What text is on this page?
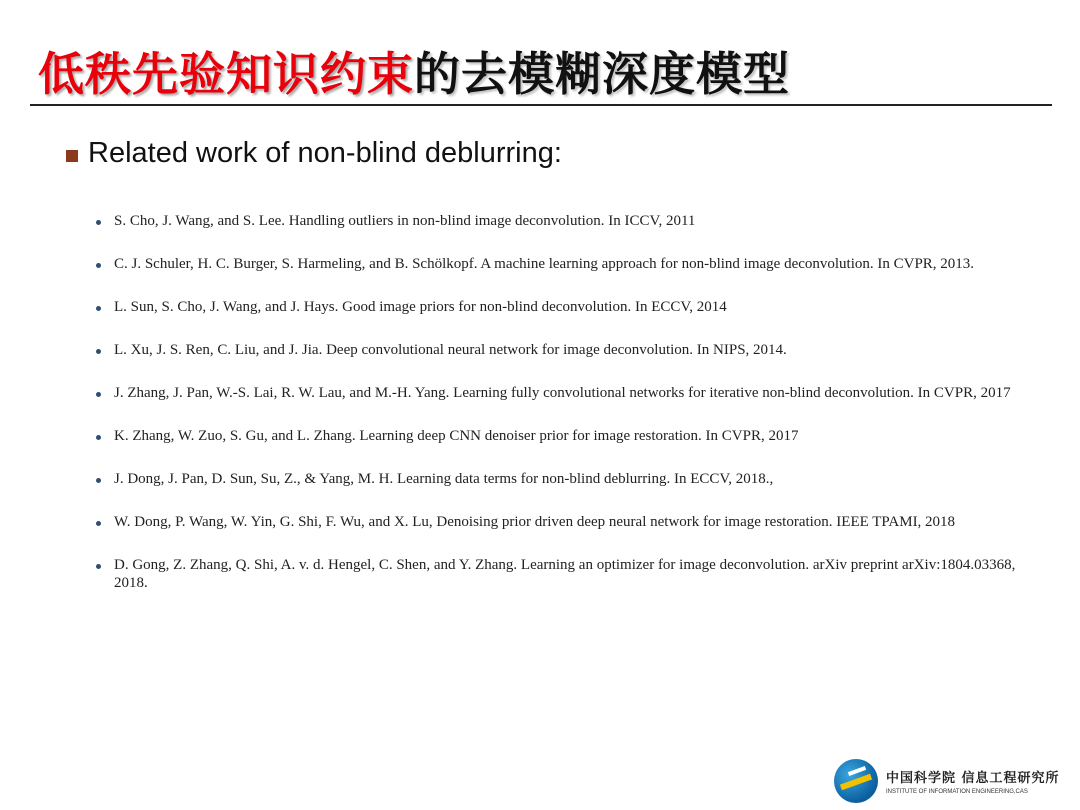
低秩先验知识约束的去模糊深度模型
Related work of non-blind deblurring:
S. Cho, J. Wang, and S. Lee. Handling outliers in non-blind image deconvolution. In ICCV, 2011
C. J. Schuler, H. C. Burger, S. Harmeling, and B. Schölkopf. A machine learning approach for non-blind image deconvolution. In CVPR, 2013.
L. Sun, S. Cho, J. Wang, and J. Hays. Good image priors for non-blind deconvolution. In ECCV, 2014
L. Xu, J. S. Ren, C. Liu, and J. Jia. Deep convolutional neural network for image deconvolution. In NIPS, 2014.
J. Zhang, J. Pan, W.-S. Lai, R. W. Lau, and M.-H. Yang. Learning fully convolutional networks for iterative non-blind deconvolution. In CVPR, 2017
K. Zhang, W. Zuo, S. Gu, and L. Zhang. Learning deep CNN denoiser prior for image restoration. In CVPR, 2017
J. Dong, J. Pan, D. Sun, Su, Z., & Yang, M. H. Learning data terms for non-blind deblurring. In ECCV, 2018.,
W. Dong, P. Wang, W. Yin, G. Shi, F. Wu, and X. Lu, Denoising prior driven deep neural network for image restoration. IEEE TPAMI, 2018
D. Gong, Z. Zhang, Q. Shi, A. v. d. Hengel, C. Shen, and Y. Zhang. Learning an optimizer for image deconvolution. arXiv preprint arXiv:1804.03368, 2018.
中国科学院 信息工程研究所
INSTITUTE OF INFORMATION ENGINEERING,CAS
